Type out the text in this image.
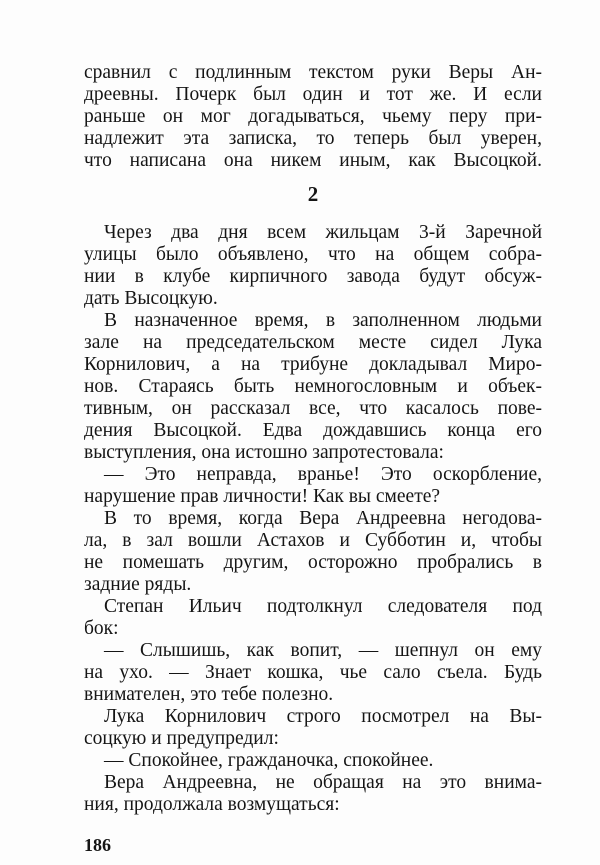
сравнил с подлинным текстом руки Веры Ан-
дреевны. Почерк был один и тот же. И если
раньше он мог догадываться, чьему перу при-
надлежит эта записка, то теперь был уверен,
что написана она никем иным, как Высоцкой.
2
Через два дня всем жильцам 3-й Заречной
улицы было объявлено, что на общем собра-
нии в клубе кирпичного завода будут обсуж-
дать Высоцкую.
В назначенное время, в заполненном людьми
зале на председательском месте сидел Лука
Корнилович, а на трибуне докладывал Миро-
нов. Стараясь быть немногословным и объек-
тивным, он рассказал все, что касалось пове-
дения Высоцкой. Едва дождавшись конца его
выступления, она истошно запротестовала:
— Это неправда, вранье! Это оскорбление,
нарушение прав личности! Как вы смеете?
В то время, когда Вера Андреевна негодова-
ла, в зал вошли Астахов и Субботин и, чтобы
не помешать другим, осторожно пробрались в
задние ряды.
Степан Ильич подтолкнул следователя под
бок:
— Слышишь, как вопит, — шепнул он ему
на ухо. — Знает кошка, чье сало съела. Будь
внимателен, это тебе полезно.
Лука Корнилович строго посмотрел на Вы-
соцкую и предупредил:
— Спокойнее, гражданочка, спокойнее.
Вера Андреевна, не обращая на это внима-
ния, продолжала возмущаться:
186
